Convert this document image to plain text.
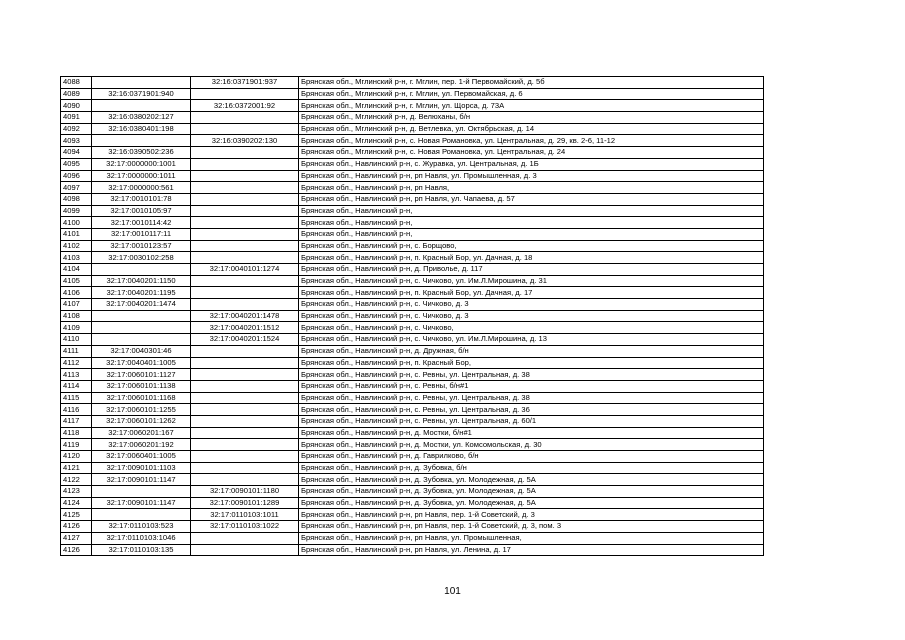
4088		32:16:0371901:937	Брянская обл., Мглинский р-н, г. Мглин, пер. 1-й Первомайский, д. 5б
4089	32:16:0371901:940		Брянская обл., Мглинский р-н, г. Мглин, ул. Первомайская, д. 6
4090		32:16:0372001:92	Брянская обл., Мглинский р-н, г. Мглин, ул. Щорса, д. 73А
4091	32:16:0380202:127		Брянская обл., Мглинский р-н, д. Велюханы, б/н
4092	32:16:0380401:198		Брянская обл., Мглинский р-н, д. Ветлевка, ул. Октябрьская, д. 14
4093		32:16:0390202:130	Брянская обл., Мглинский р-н, с. Новая Романовка, ул. Центральная, д. 29, кв. 2-6, 11-12
4094	32:16:0390502:236		Брянская обл., Мглинский р-н, с. Новая Романовка, ул. Центральная, д. 24
4095	32:17:0000000:1001		Брянская обл., Навлинский р-н, с. Журавка, ул. Центральная, д. 1Б
4096	32:17:0000000:1011		Брянская обл., Навлинский р-н, рп Навля, ул. Промышленная, д. 3
4097	32:17:0000000:561		Брянская обл., Навлинский р-н, рп Навля,
4098	32:17:0010101:78		Брянская обл., Навлинский р-н, рп Навля, ул. Чапаева, д. 57
4099	32:17:0010105:97		Брянская обл., Навлинский р-н,
4100	32:17:0010114:42		Брянская обл., Навлинский р-н,
4101	32:17:0010117:11		Брянская обл., Навлинский р-н,
4102	32:17:0010123:57		Брянская обл., Навлинский р-н, с. Борщово,
4103	32:17:0030102:258		Брянская обл., Навлинский р-н, п. Красный Бор, ул. Дачная, д. 18
4104		32:17:0040101:1274	Брянская обл., Навлинский р-н, д. Приволье, д. 117
4105	32:17:0040201:1150		Брянская обл., Навлинский р-н, с. Чичково, ул. Им.Л.Мирошина, д. 31
4106	32:17:0040201:1195		Брянская обл., Навлинский р-н, п. Красный Бор, ул. Дачная, д. 17
4107	32:17:0040201:1474		Брянская обл., Навлинский р-н, с. Чичково, д. 3
4108		32:17:0040201:1478	Брянская обл., Навлинский р-н, с. Чичково, д. 3
4109		32:17:0040201:1512	Брянская обл., Навлинский р-н, с. Чичково,
4110		32:17:0040201:1524	Брянская обл., Навлинский р-н, с. Чичково, ул. Им.Л.Мирошина, д. 13
4111	32:17:0040301:46		Брянская обл., Навлинский р-н, д. Дружная, б/н
4112	32:17:0040401:1005		Брянская обл., Навлинский р-н, п. Красный Бор,
4113	32:17:0060101:1127		Брянская обл., Навлинский р-н, с. Ревны, ул. Центральная, д. 38
4114	32:17:0060101:1138		Брянская обл., Навлинский р-н, с. Ревны, б/н#1
4115	32:17:0060101:1168		Брянская обл., Навлинский р-н, с. Ревны, ул. Центральная, д. 38
4116	32:17:0060101:1255		Брянская обл., Навлинский р-н, с. Ревны, ул. Центральная, д. 36
4117	32:17:0060101:1262		Брянская обл., Навлинский р-н, с. Ревны, ул. Центральная, д. 60/1
4118	32:17:0060201:167		Брянская обл., Навлинский р-н, д. Мостки, б/н#1
4119	32:17:0060201:192		Брянская обл., Навлинский р-н, д. Мостки, ул. Комсомольская, д. 30
4120	32:17:0060401:1005		Брянская обл., Навлинский р-н, д. Гаврилково, б/н
4121	32:17:0090101:1103		Брянская обл., Навлинский р-н, д. Зубовка, б/н
4122	32:17:0090101:1147		Брянская обл., Навлинский р-н, д. Зубовка, ул. Молодежная, д. 5А
4123		32:17:0090101:1180	Брянская обл., Навлинский р-н, д. Зубовка, ул. Молодежная, д. 5А
4124	32:17:0090101:1147	32:17:0090101:1289	Брянская обл., Навлинский р-н, д. Зубовка, ул. Молодежная, д. 5А
4125		32:17:0110103:1011	Брянская обл., Навлинский р-н, рп Навля, пер. 1-й Советский, д. 3
4126	32:17:0110103:523	32:17:0110103:1022	Брянская обл., Навлинский р-н, рп Навля, пер. 1-й Советский, д. 3, пом. 3
4127	32:17:0110103:1046		Брянская обл., Навлинский р-н, рп Навля, ул. Промышленная,
4126	32:17:0110103:135		Брянская обл., Навлинский р-н, рп Навля, ул. Ленина, д. 17
101
